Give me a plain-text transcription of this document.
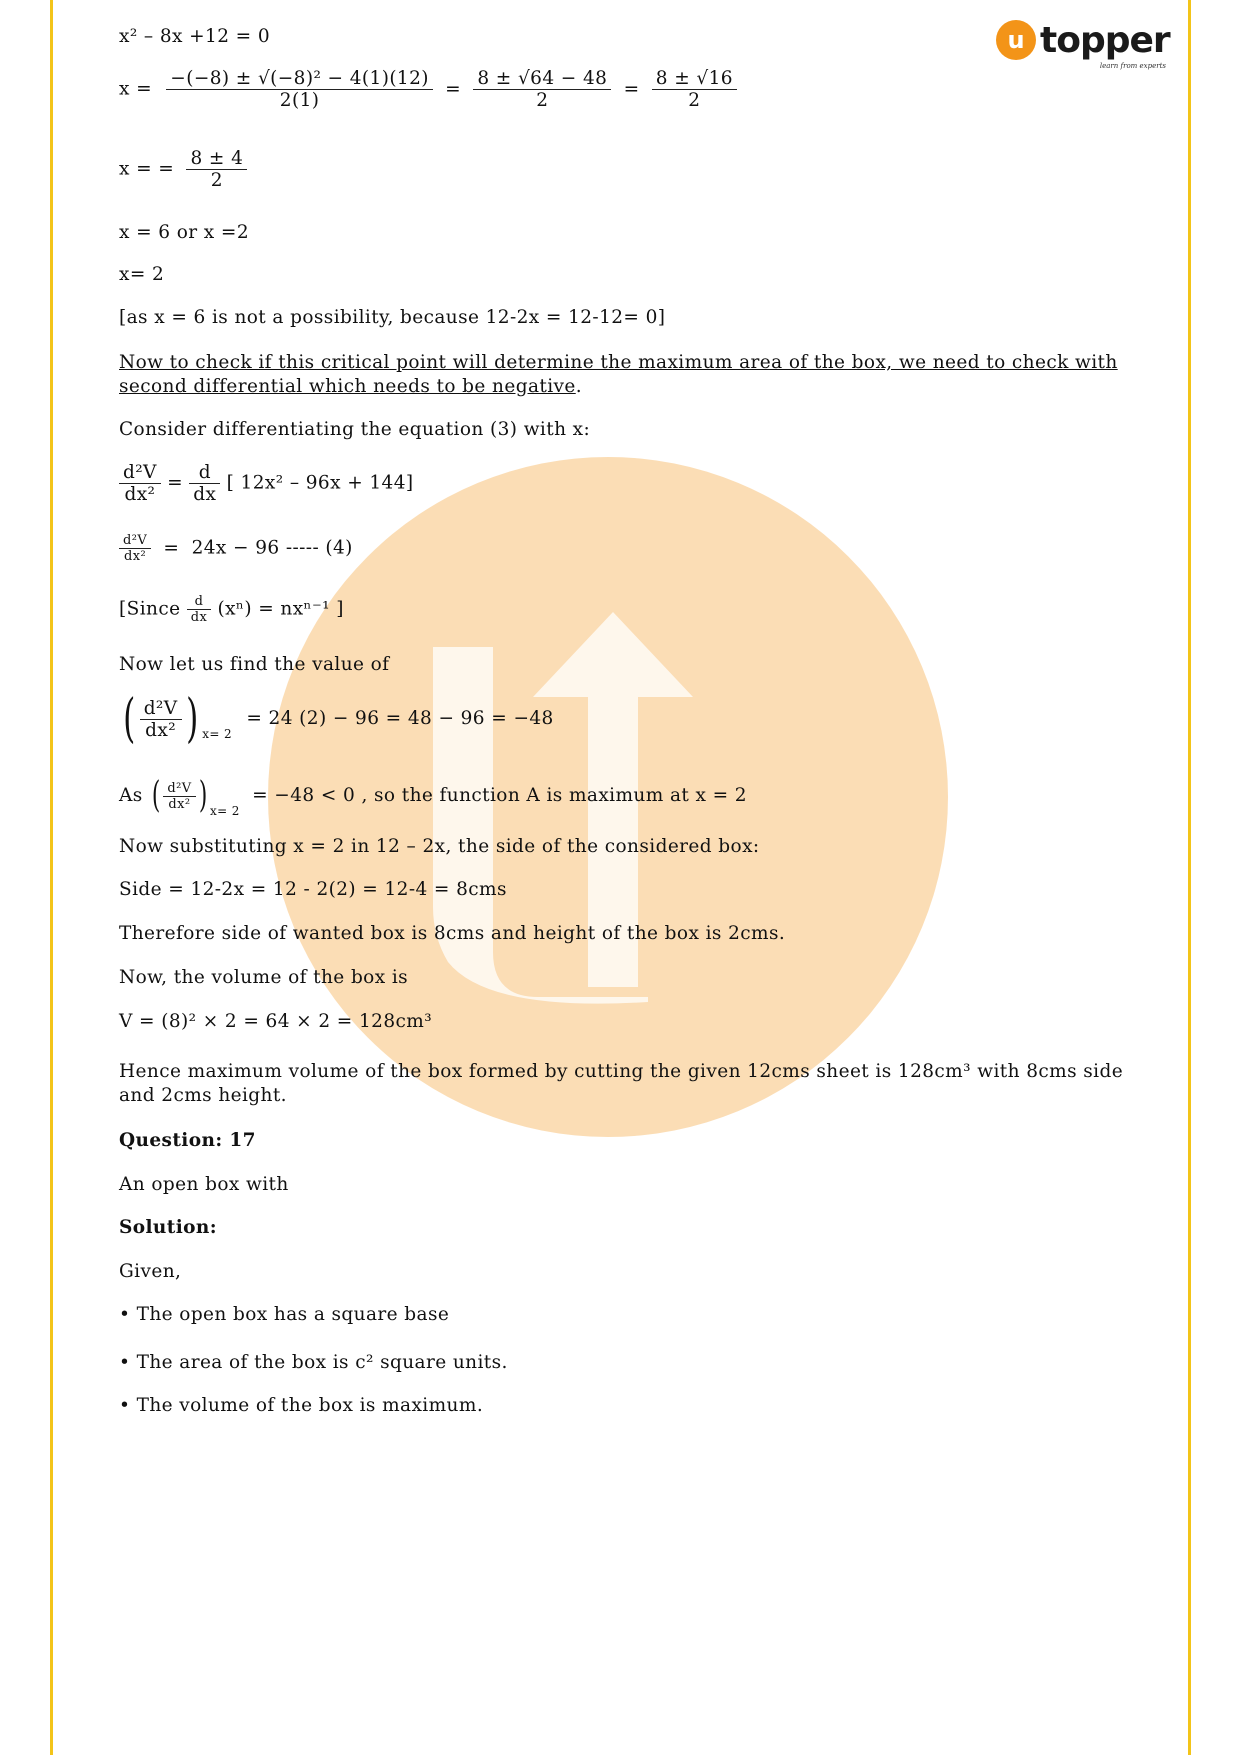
u topper
learn from experts
x² – 8x +12 = 0
$x = \frac{\text{−(−8) ± √(−8)² − 4(1)(12)}}{2(1)} = \frac{8 \pm √64 - 48}{2} = \frac{8 \pm √16}{2}$
x = = $\frac{8 \pm 4}{2}$
x = 6 or x =2
x= 2
[as x = 6 is not a possibility, because 12-2x = 12-12= 0]
Now to check if this critical point will determine the maximum area of the box, we need to check with second differential which needs to be negative.
Consider differentiating the equation (3) with x:
$\frac{\text{d²V}}{\text{dx²}} = \frac{d}{dx}$ [ 12x² – 96x + 144]
$\frac{\text{d²V}}{\text{dx²}} = 24x - 96$ ----- (4)
[Since $\frac{d}{dx} (x^n) = nx^{n-1}$ ]
Now let us find the value of
( $\frac{\text{d²V}}{\text{dx²}}$ ) $_{x= 2}$ = 24 (2) − 96 = 48 − 96 = −48
As ( $\frac{\text{d²V}}{\text{dx²}}$ ) $_{x= 2}$ = −48 < 0 , so the function A is maximum at x = 2
Now substituting x = 2 in 12 – 2x, the side of the considered box:
Side = 12-2x = 12 - 2(2) = 12-4 = 8cms
Therefore side of wanted box is 8cms and height of the box is 2cms.
Now, the volume of the box is
V = (8)² × 2 = 64 × 2 = 128cm³
Hence maximum volume of the box formed by cutting the given 12cms sheet is 128cm³ with 8cms side and 2cms height.
Question: 17
An open box with
Solution:
Given,
• The open box has a square base
• The area of the box is c² square units.
• The volume of the box is maximum.
